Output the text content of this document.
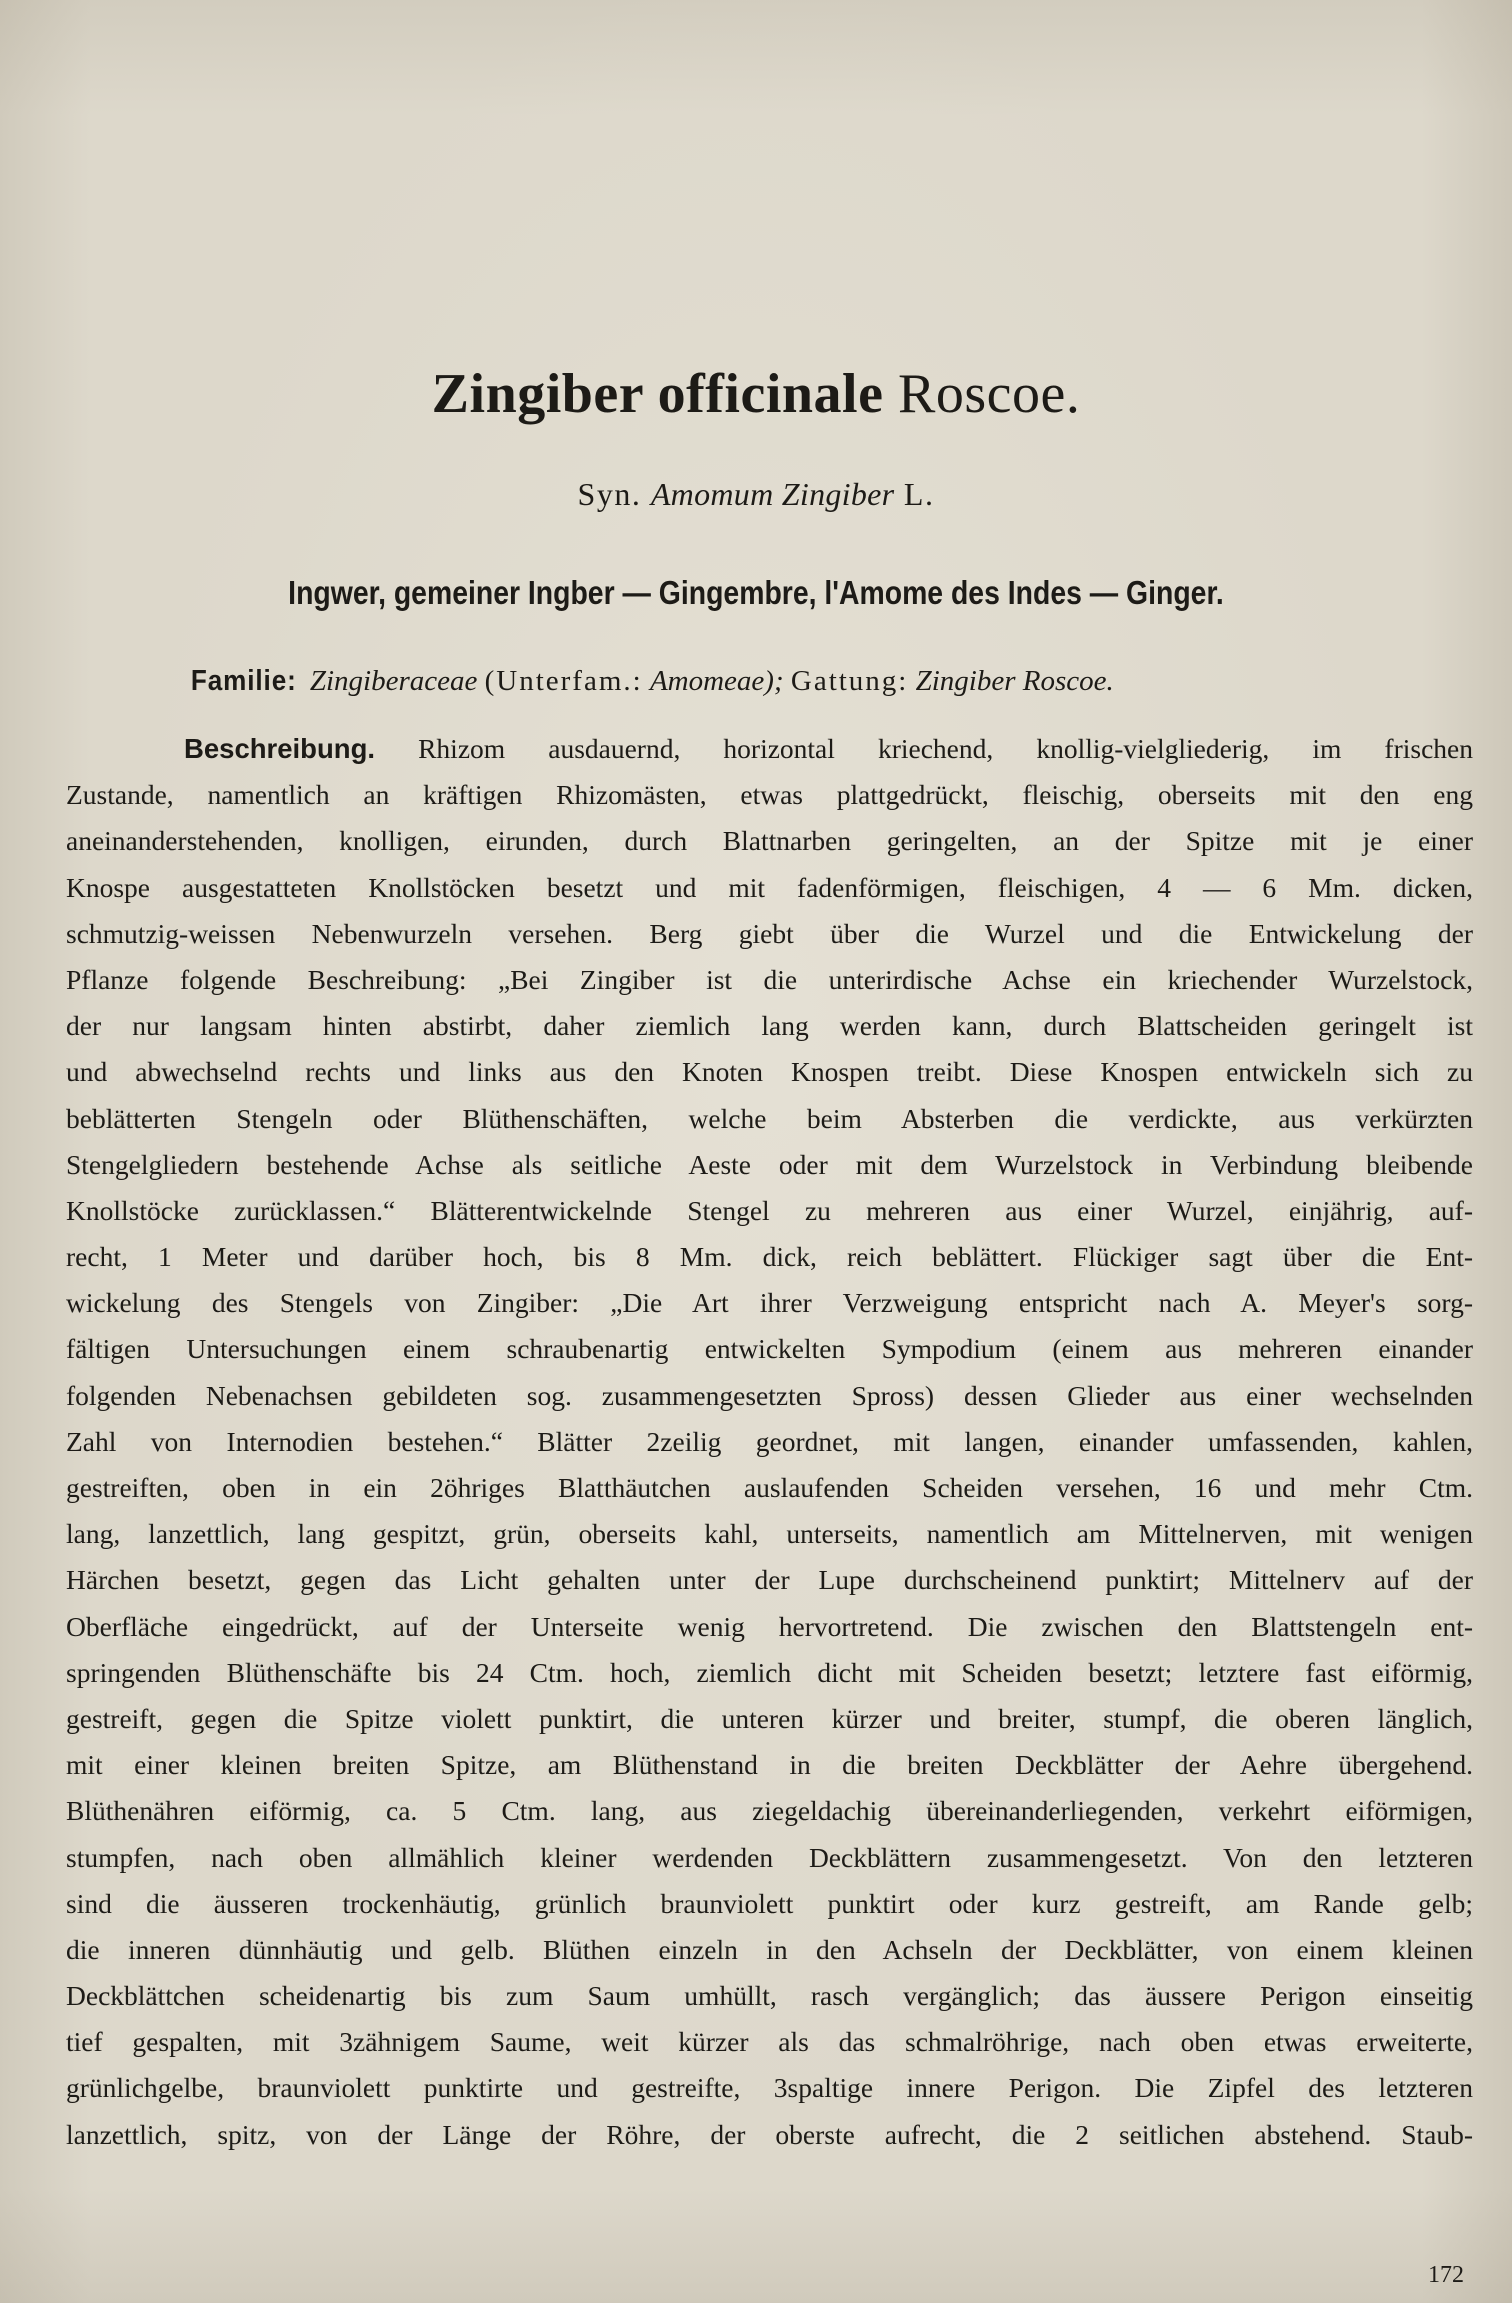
Zingiber officinale Roscoe.
Syn. Amomum Zingiber L.
Ingwer, gemeiner Ingber — Gingembre, l'Amome des Indes — Ginger.
Familie: Zingiberaceae (Unterfam.: Amomeae); Gattung: Zingiber Roscoe.
Beschreibung. Rhizom ausdauernd, horizontal kriechend, knollig-vielgliederig, im frischen
Zustande, namentlich an kräftigen Rhizomästen, etwas plattgedrückt, fleischig, oberseits mit den eng
aneinanderstehenden, knolligen, eirunden, durch Blattnarben geringelten, an der Spitze mit je einer
Knospe ausgestatteten Knollstöcken besetzt und mit fadenförmigen, fleischigen, 4 — 6 Mm. dicken,
schmutzig-weissen Nebenwurzeln versehen. Berg giebt über die Wurzel und die Entwickelung der
Pflanze folgende Beschreibung: „Bei Zingiber ist die unterirdische Achse ein kriechender Wurzelstock,
der nur langsam hinten abstirbt, daher ziemlich lang werden kann, durch Blattscheiden geringelt ist
und abwechselnd rechts und links aus den Knoten Knospen treibt. Diese Knospen entwickeln sich zu
beblätterten Stengeln oder Blüthenschäften, welche beim Absterben die verdickte, aus verkürzten
Stengelgliedern bestehende Achse als seitliche Aeste oder mit dem Wurzelstock in Verbindung bleibende
Knollstöcke zurücklassen.“ Blätterentwickelnde Stengel zu mehreren aus einer Wurzel, einjährig, auf-
recht, 1 Meter und darüber hoch, bis 8 Mm. dick, reich beblättert. Flückiger sagt über die Ent-
wickelung des Stengels von Zingiber: „Die Art ihrer Verzweigung entspricht nach A. Meyer's sorg-
fältigen Untersuchungen einem schraubenartig entwickelten Sympodium (einem aus mehreren einander
folgenden Nebenachsen gebildeten sog. zusammengesetzten Spross) dessen Glieder aus einer wechselnden
Zahl von Internodien bestehen.“ Blätter 2zeilig geordnet, mit langen, einander umfassenden, kahlen,
gestreiften, oben in ein 2öhriges Blatthäutchen auslaufenden Scheiden versehen, 16 und mehr Ctm.
lang, lanzettlich, lang gespitzt, grün, oberseits kahl, unterseits, namentlich am Mittelnerven, mit wenigen
Härchen besetzt, gegen das Licht gehalten unter der Lupe durchscheinend punktirt; Mittelnerv auf der
Oberfläche eingedrückt, auf der Unterseite wenig hervortretend. Die zwischen den Blattstengeln ent-
springenden Blüthenschäfte bis 24 Ctm. hoch, ziemlich dicht mit Scheiden besetzt; letztere fast eiförmig,
gestreift, gegen die Spitze violett punktirt, die unteren kürzer und breiter, stumpf, die oberen länglich,
mit einer kleinen breiten Spitze, am Blüthenstand in die breiten Deckblätter der Aehre übergehend.
Blüthenähren eiförmig, ca. 5 Ctm. lang, aus ziegeldachig übereinanderliegenden, verkehrt eiförmigen,
stumpfen, nach oben allmählich kleiner werdenden Deckblättern zusammengesetzt. Von den letzteren
sind die äusseren trockenhäutig, grünlich braunviolett punktirt oder kurz gestreift, am Rande gelb;
die inneren dünnhäutig und gelb. Blüthen einzeln in den Achseln der Deckblätter, von einem kleinen
Deckblättchen scheidenartig bis zum Saum umhüllt, rasch vergänglich; das äussere Perigon einseitig
tief gespalten, mit 3zähnigem Saume, weit kürzer als das schmalröhrige, nach oben etwas erweiterte,
grünlichgelbe, braunviolett punktirte und gestreifte, 3spaltige innere Perigon. Die Zipfel des letzteren
lanzettlich, spitz, von der Länge der Röhre, der oberste aufrecht, die 2 seitlichen abstehend. Staub-
172
